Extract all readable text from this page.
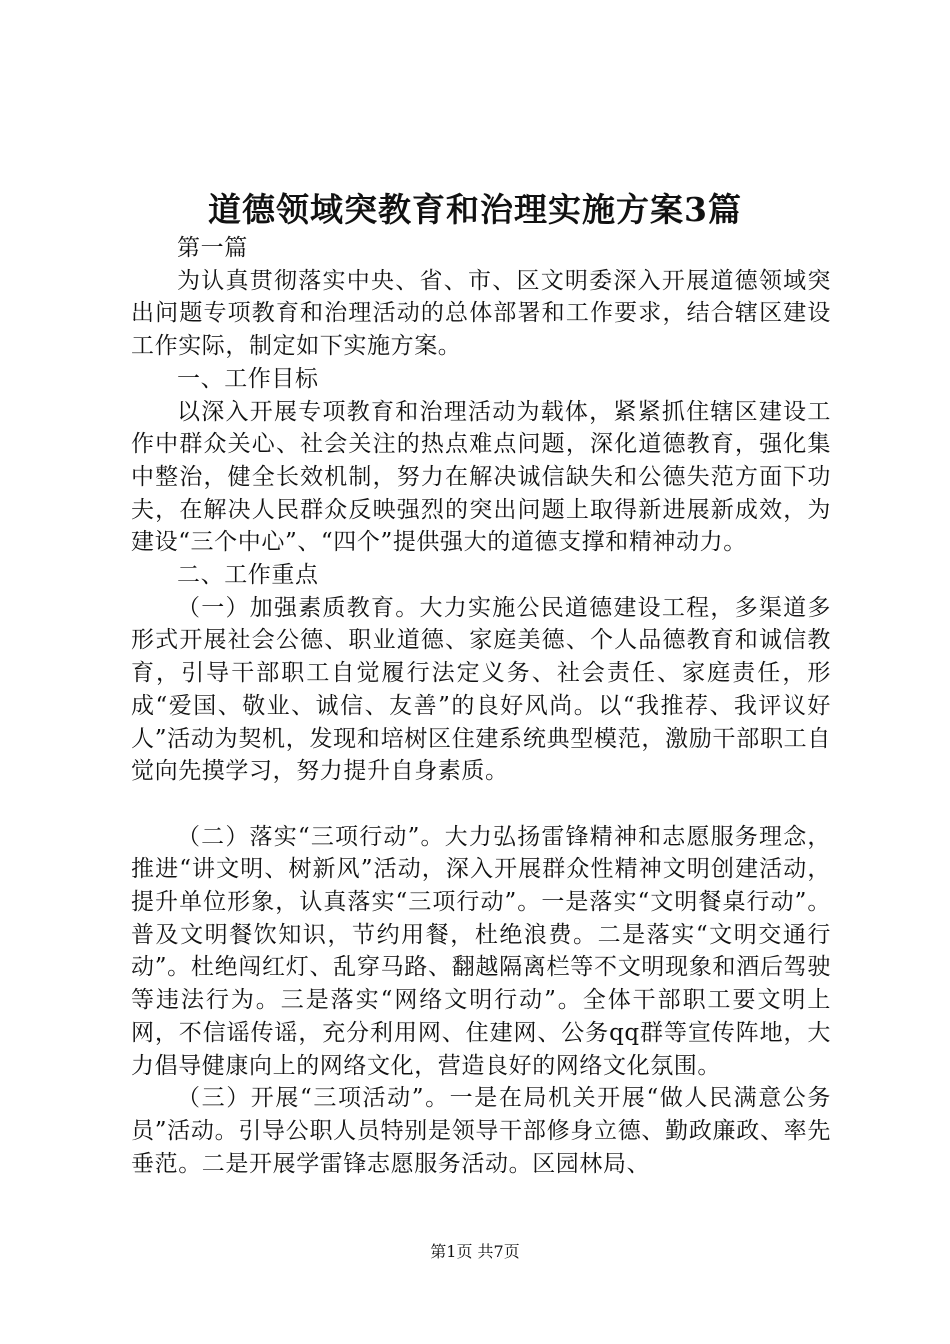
道德领域突教育和治理实施方案3篇

第一篇

为认真贯彻落实中央、省、市、区文明委深入开展道德领域突出问题专项教育和治理活动的总体部署和工作要求，结合辖区建设工作实际，制定如下实施方案。

一、工作目标

以深入开展专项教育和治理活动为载体，紧紧抓住辖区建设工作中群众关心、社会关注的热点难点问题，深化道德教育，强化集中整治，健全长效机制，努力在解决诚信缺失和公德失范方面下功夫，在解决人民群众反映强烈的突出问题上取得新进展新成效，为建设“三个中心”、“四个”提供强大的道德支撑和精神动力。

二、工作重点

（一）加强素质教育。大力实施公民道德建设工程，多渠道多形式开展社会公德、职业道德、家庭美德、个人品德教育和诚信教育，引导干部职工自觉履行法定义务、社会责任、家庭责任，形成“爱国、敬业、诚信、友善”的良好风尚。以“我推荐、我评议好人”活动为契机，发现和培树区住建系统典型模范，激励干部职工自觉向先摸学习，努力提升自身素质。

（二）落实“三项行动”。大力弘扬雷锋精神和志愿服务理念，推进“讲文明、树新风”活动，深入开展群众性精神文明创建活动，提升单位形象，认真落实“三项行动”。一是落实“文明餐桌行动”。普及文明餐饮知识，节约用餐，杜绝浪费。二是落实“文明交通行动”。杜绝闯红灯、乱穿马路、翻越隔离栏等不文明现象和酒后驾驶等违法行为。三是落实“网络文明行动”。全体干部职工要文明上网，不信谣传谣，充分利用网、住建网、公务qq群等宣传阵地，大力倡导健康向上的网络文化，营造良好的网络文化氛围。

（三）开展“三项活动”。一是在局机关开展“做人民满意公务员”活动。引导公职人员特别是领导干部修身立德、勤政廉政、率先垂范。二是开展学雷锋志愿服务活动。区园林局、

第1页 共7页
